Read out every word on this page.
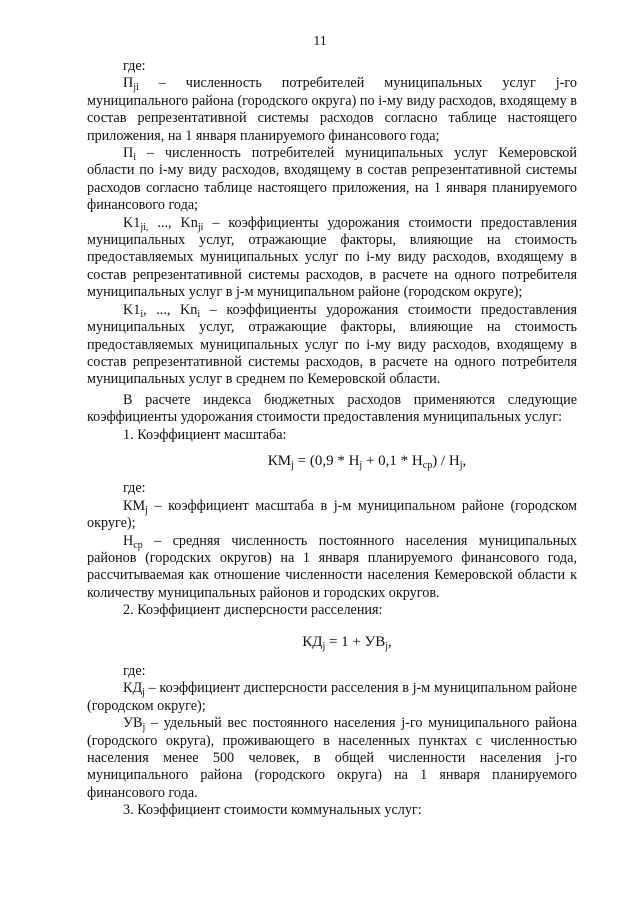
11

где:

$П_{ji}$ – численность потребителей муниципальных услуг j-го муниципального района (городского округа) по i-му виду расходов, входящему в состав репрезентативной системы расходов согласно таблице настоящего приложения, на 1 января планируемого финансового года;

$П_i$ – численность потребителей муниципальных услуг Кемеровской области по i-му виду расходов, входящему в состав репрезентативной системы расходов согласно таблице настоящего приложения, на 1 января планируемого финансового года;

$K1_{ji,}$ ..., $Kn_{ji}$ – коэффициенты удорожания стоимости предоставления муниципальных услуг, отражающие факторы, влияющие на стоимость предоставляемых муниципальных услуг по i-му виду расходов, входящему в состав репрезентативной системы расходов, в расчете на одного потребителя муниципальных услуг в j-м муниципальном районе (городском округе);

$K1_i$, ..., $Kn_i$ – коэффициенты удорожания стоимости предоставления муниципальных услуг, отражающие факторы, влияющие на стоимость предоставляемых муниципальных услуг по i-му виду расходов, входящему в состав репрезентативной системы расходов, в расчете на одного потребителя муниципальных услуг в среднем по Кемеровской области.

В расчете индекса бюджетных расходов применяются следующие коэффициенты удорожания стоимости предоставления муниципальных услуг:

1. Коэффициент масштаба:

$КМ_j = (0,9 * Н_j + 0,1 * Н_{ср}) / Н_j$,

где:

$КМ_j$ – коэффициент масштаба в j-м муниципальном районе (городском округе);

$Н_{ср}$ – средняя численность постоянного населения муниципальных районов (городских округов) на 1 января планируемого финансового года, рассчитываемая как отношение численности населения Кемеровской области к количеству муниципальных районов и городских округов.

2. Коэффициент дисперсности расселения:

$КД_j = 1 + УВ_j$,

где:

$КД_j$ – коэффициент дисперсности расселения в j-м муниципальном районе (городском округе);

$УВ_j$ – удельный вес постоянного населения j-го муниципального района (городского округа), проживающего в населенных пунктах с численностью населения менее 500 человек, в общей численности населения j-го муниципального района (городского округа) на 1 января планируемого финансового года.

3. Коэффициент стоимости коммунальных услуг:
